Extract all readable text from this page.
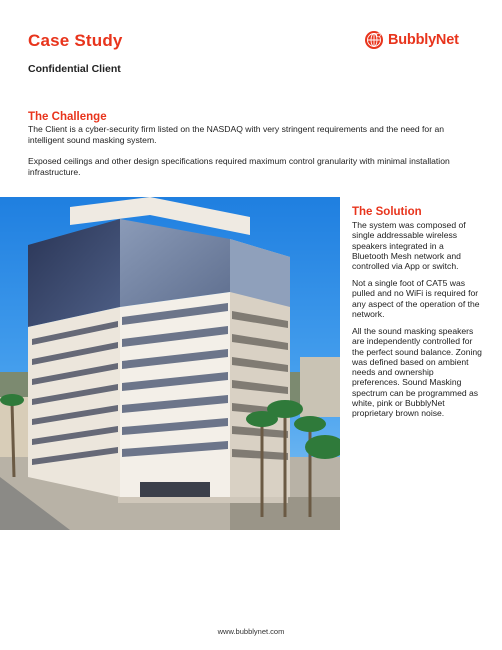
Case Study
Confidential Client
BubblyNet
The Challenge

The Client is a cyber-security firm listed on the NASDAQ with very stringent requirements and the need for an intelligent sound masking system.

Exposed ceilings and other design specifications required maximum control granularity with minimal installation infrastructure.

The Solution

The system was composed of single addressable wireless speakers integrated in a Bluetooth Mesh network and controlled via App or switch.

Not a single foot of CAT5 was pulled and no WiFi is required for any aspect of the operation of the network.

All the sound masking speakers are independently controlled for the perfect sound balance. Zoning was defined based on ambient needs and ownership preferences. Sound Masking spectrum can be programmed as white, pink or BubblyNet proprietary brown noise.

www.bubblynet.com
